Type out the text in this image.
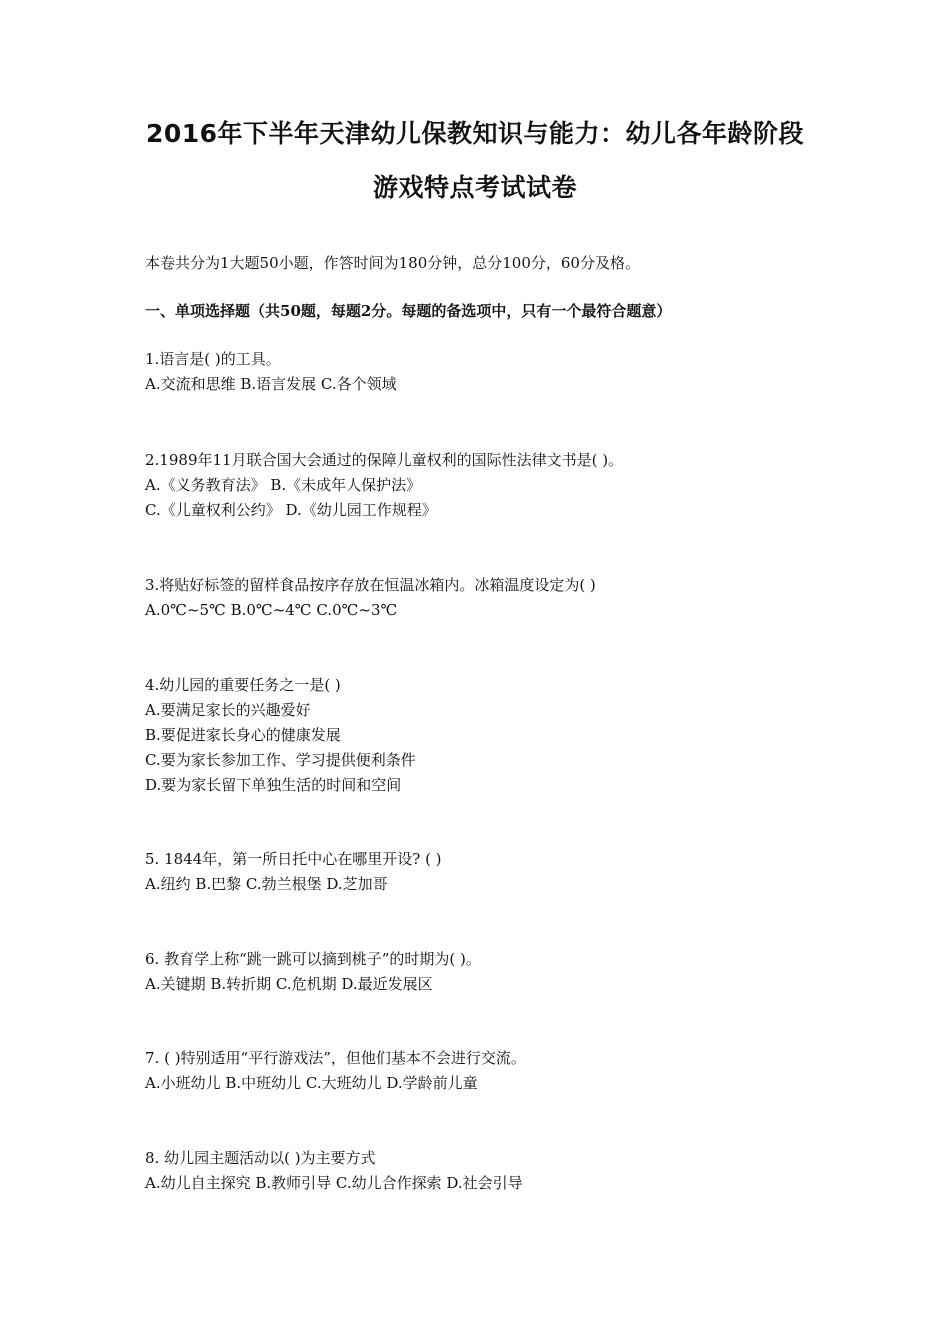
2016年下半年天津幼儿保教知识与能力：幼儿各年龄阶段
游戏特点考试试卷
本卷共分为1大题50小题，作答时间为180分钟，总分100分，60分及格。
一、单项选择题（共50题，每题2分。每题的备选项中，只有一个最符合题意）
1.语言是( )的工具。
A.交流和思维 B.语言发展 C.各个领域
2.1989年11月联合国大会通过的保障儿童权利的国际性法律文书是( )。
A.《义务教育法》 B.《未成年人保护法》
C.《儿童权利公约》 D.《幼儿园工作规程》
3.将贴好标签的留样食品按序存放在恒温冰箱内。冰箱温度设定为( )
A.0℃~5℃ B.0℃~4℃ C.0℃~3℃
4.幼儿园的重要任务之一是( )
A.要满足家长的兴趣爱好
B.要促进家长身心的健康发展
C.要为家长参加工作、学习提供便利条件
D.要为家长留下单独生活的时间和空间
5. 1844年，第一所日托中心在哪里开设? ( )
A.纽约 B.巴黎 C.勃兰根堡 D.芝加哥
6. 教育学上称“跳一跳可以摘到桃子”的时期为( )。
A.关键期 B.转折期 C.危机期 D.最近发展区
7. ( )特别适用“平行游戏法”，但他们基本不会进行交流。
A.小班幼儿 B.中班幼儿 C.大班幼儿 D.学龄前儿童
8. 幼儿园主题活动以( )为主要方式
A.幼儿自主探究 B.教师引导 C.幼儿合作探索 D.社会引导
